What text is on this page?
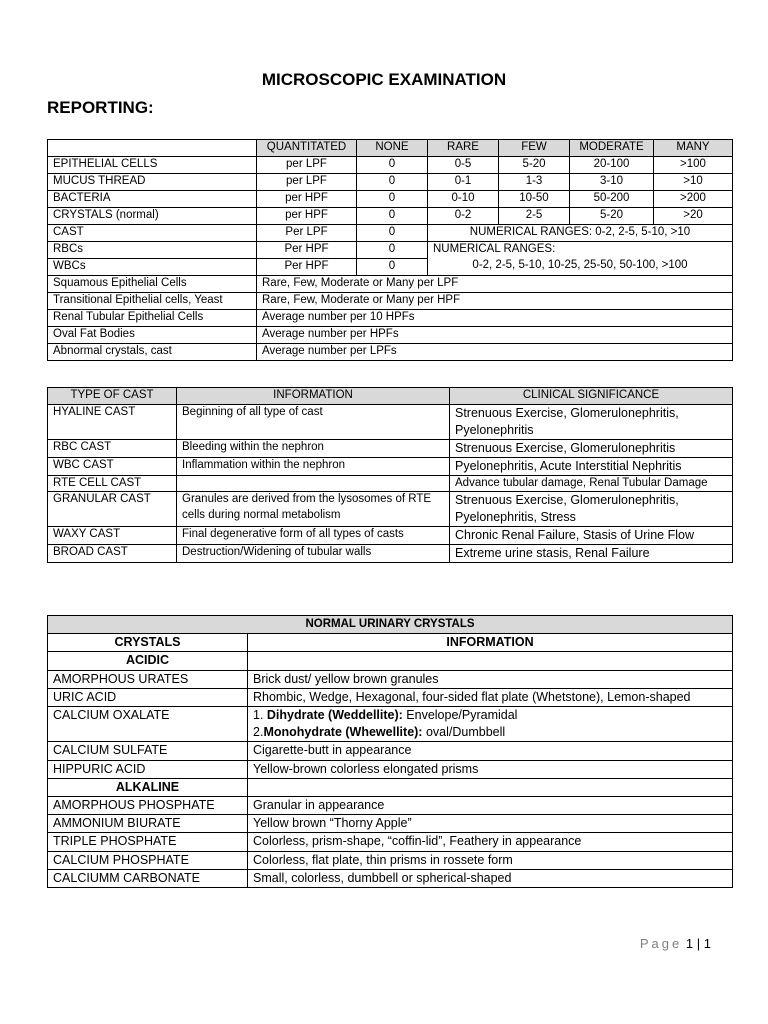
MICROSCOPIC EXAMINATION
REPORTING:
	QUANTITATED	NONE	RARE	FEW	MODERATE	MANY
EPITHELIAL CELLS	per LPF	0	0-5	5-20	20-100	>100
MUCUS THREAD	per LPF	0	0-1	1-3	3-10	>10
BACTERIA	per HPF	0	0-10	10-50	50-200	>200
CRYSTALS (normal)	per HPF	0	0-2	2-5	5-20	>20
CAST	Per LPF	0	NUMERICAL RANGES: 0-2, 2-5, 5-10, >10			
RBCs	Per HPF	0	NUMERICAL RANGES:
0-2, 2-5, 5-10, 10-25, 25-50, 50-100, >100			

WBCs	Per HPF	0				
Squamous Epithelial Cells	Rare, Few, Moderate or Many per LPF					
Transitional Epithelial cells, Yeast	Rare, Few, Moderate or Many per HPF					
Renal Tubular Epithelial Cells	Average number per 10 HPFs					
Oval Fat Bodies	Average number per HPFs					
Abnormal crystals, cast	Average number per LPFs					
TYPE OF CAST	INFORMATION	CLINICAL SIGNIFICANCE
HYALINE CAST	Beginning of all type of cast	Strenuous Exercise, Glomerulonephritis, Pyelonephritis
RBC CAST	Bleeding within the nephron	Strenuous Exercise, Glomerulonephritis
WBC CAST	Inflammation within the nephron	Pyelonephritis, Acute Interstitial Nephritis
RTE CELL CAST		Advance tubular damage, Renal Tubular Damage
GRANULAR CAST	Granules are derived from the lysosomes of RTE cells during normal metabolism	Strenuous Exercise, Glomerulonephritis, Pyelonephritis, Stress
WAXY CAST	Final degenerative form of all types of casts	Chronic Renal Failure, Stasis of Urine Flow
BROAD CAST	Destruction/Widening of tubular walls	Extreme urine stasis, Renal Failure
NORMAL URINARY CRYSTALS	
CRYSTALS	INFORMATION
ACIDIC	
AMORPHOUS URATES	Brick dust/ yellow brown granules
URIC ACID	Rhombic, Wedge, Hexagonal, four-sided flat plate (Whetstone), Lemon-shaped
CALCIUM OXALATE	1. Dihydrate (Weddellite): Envelope/Pyramidal
2.Monohydrate (Whewellite): oval/Dumbbell

CALCIUM SULFATE	Cigarette-butt in appearance
HIPPURIC ACID	Yellow-brown colorless elongated prisms
ALKALINE	
AMORPHOUS PHOSPHATE	Granular in appearance
AMMONIUM BIURATE	Yellow brown “Thorny Apple”
TRIPLE PHOSPHATE	Colorless, prism-shape, “coffin-lid”, Feathery in appearance
CALCIUM PHOSPHATE	Colorless, flat plate, thin prisms in rossete form
CALCIUMM CARBONATE	Small, colorless, dumbbell or spherical-shaped
Page 1 | 1
